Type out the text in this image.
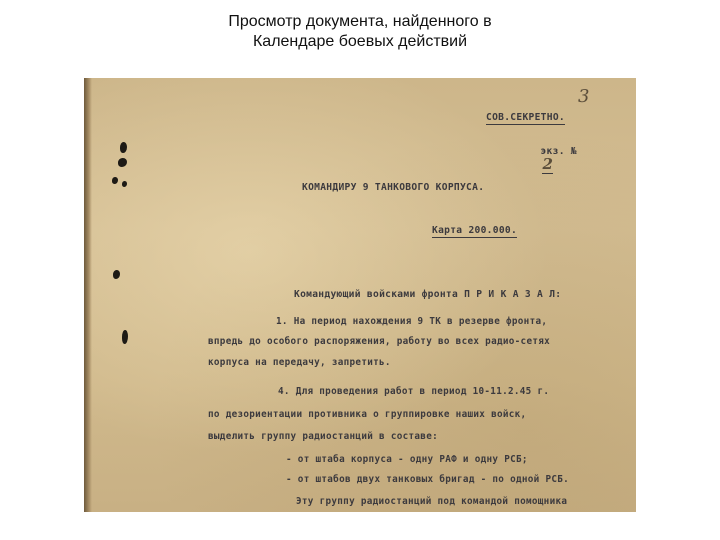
Просмотр документа, найденного в
Календаре боевых действий
3
СОВ.СЕКРЕТНО.

экз. №
2

КОМАНДИРУ 9 ТАНКОВОГО КОРПУСА.
Карта 200.000.
Командующий войсками фронта П Р И К А З А Л:
1. На период нахождения 9 ТК в резерве фронта,
впредь до особого распоряжения, работу во всех радио-сетях
корпуса на передачу, запретить.
4. Для проведения работ в период 10-11.2.45 г.
по дезориентации противника о группировке наших войск,
выделить группу радиостанций в составе:
- от штаба корпуса - одну РАФ и одну РСБ;
- от штабов двух танковых бригад - по одной РСБ.
Эту группу радиостанций под командой помощника
